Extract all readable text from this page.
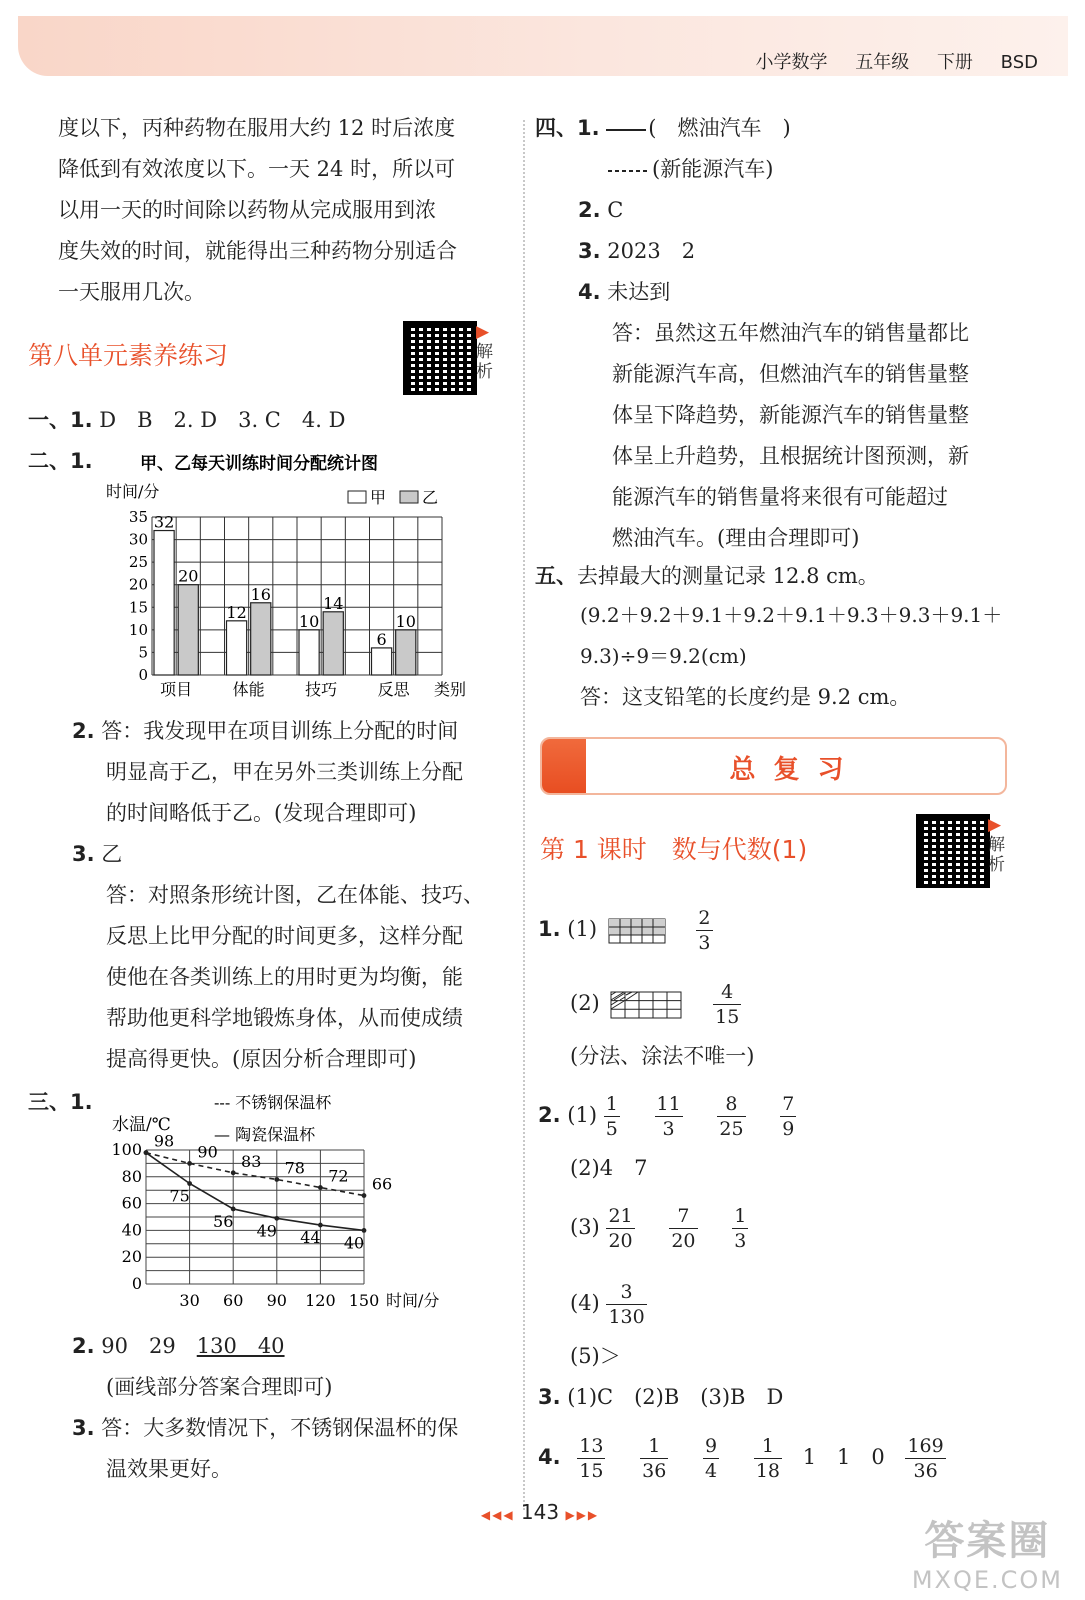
小学数学 五年级 下册 BSD
度以下，丙种药物在服用大约 12 时后浓度
降低到有效浓度以下。一天 24 时，所以可
以用一天的时间除以药物从完成服用到浓
度失效的时间，就能得出三种药物分别适合
一天服用几次。
第八单元素养练习
▶
解析
一、1. D　B　2. D　3. C　4. D
二、1.	甲、乙每天训练时间分配统计图
时间/分	甲 乙
0
5
10
15
20
25
30
35 32
20
12
16
10
14
6
10
项目	体能	技巧	反思 类别
2. 答：我发现甲在项目训练上分配的时间
明显高于乙，甲在另外三类训练上分配
的时间略低于乙。(发现合理即可)
3. 乙
答：对照条形统计图，乙在体能、技巧、
反思上比甲分配的时间更多，这样分配
使他在各类训练上的用时更为均衡，能
帮助他更科学地锻炼身体，从而使成绩
提高得更快。(原因分析合理即可)
三、1.	--- 不锈钢保温杯
— 陶瓷保温杯
水温/℃
0
20
40
60
80
100
30 60 90 120 150 时间/分
98
90 83 78 72 66
75
56 49 44 40
2. 90　29　130　40
(画线部分答案合理即可)
3. 答：大多数情况下，不锈钢保温杯的保
温效果更好。
四、1. (　燃油汽车　)
(新能源汽车)
2. C
3. 2023　2
4. 未达到
答：虽然这五年燃油汽车的销售量都比
新能源汽车高，但燃油汽车的销售量整
体呈下降趋势，新能源汽车的销售量整
体呈上升趋势，且根据统计图预测，新
能源汽车的销售量将来很有可能超过
燃油汽车。(理由合理即可)
五、去掉最大的测量记录 12.8 cm。
(9.2＋9.2＋9.1＋9.2＋9.1＋9.3＋9.3＋9.1＋
9.3)÷9＝9.2(cm)
答：这支铅笔的长度约是 9.2 cm。
总复习
第 1 课时　数与代数(1)
▶
解析
1. (1)	$\frac{2}{3}$
(2)	$\frac{4}{15}$
(分法、涂法不唯一)
2. $(1) \frac{1}{5}$
$\frac{11}{3}$
$\frac{8}{25}$
$\frac{7}{9}$
(2)4　7
$(3) \frac{21}{20}$
$\frac{7}{20}$
$\frac{1}{3}$
$(4) \frac{3}{130}$
(5)＞
3. (1)C　(2)B　(3)B　D
4. $\frac{13}{15}$
$\frac{1}{36}$
$\frac{9}{4}$
$\frac{1}{18} 1$　1　$0 \frac{169}{36}$
◀◀◀ 143 ▶▶▶
答案圈
MXQE.COM
